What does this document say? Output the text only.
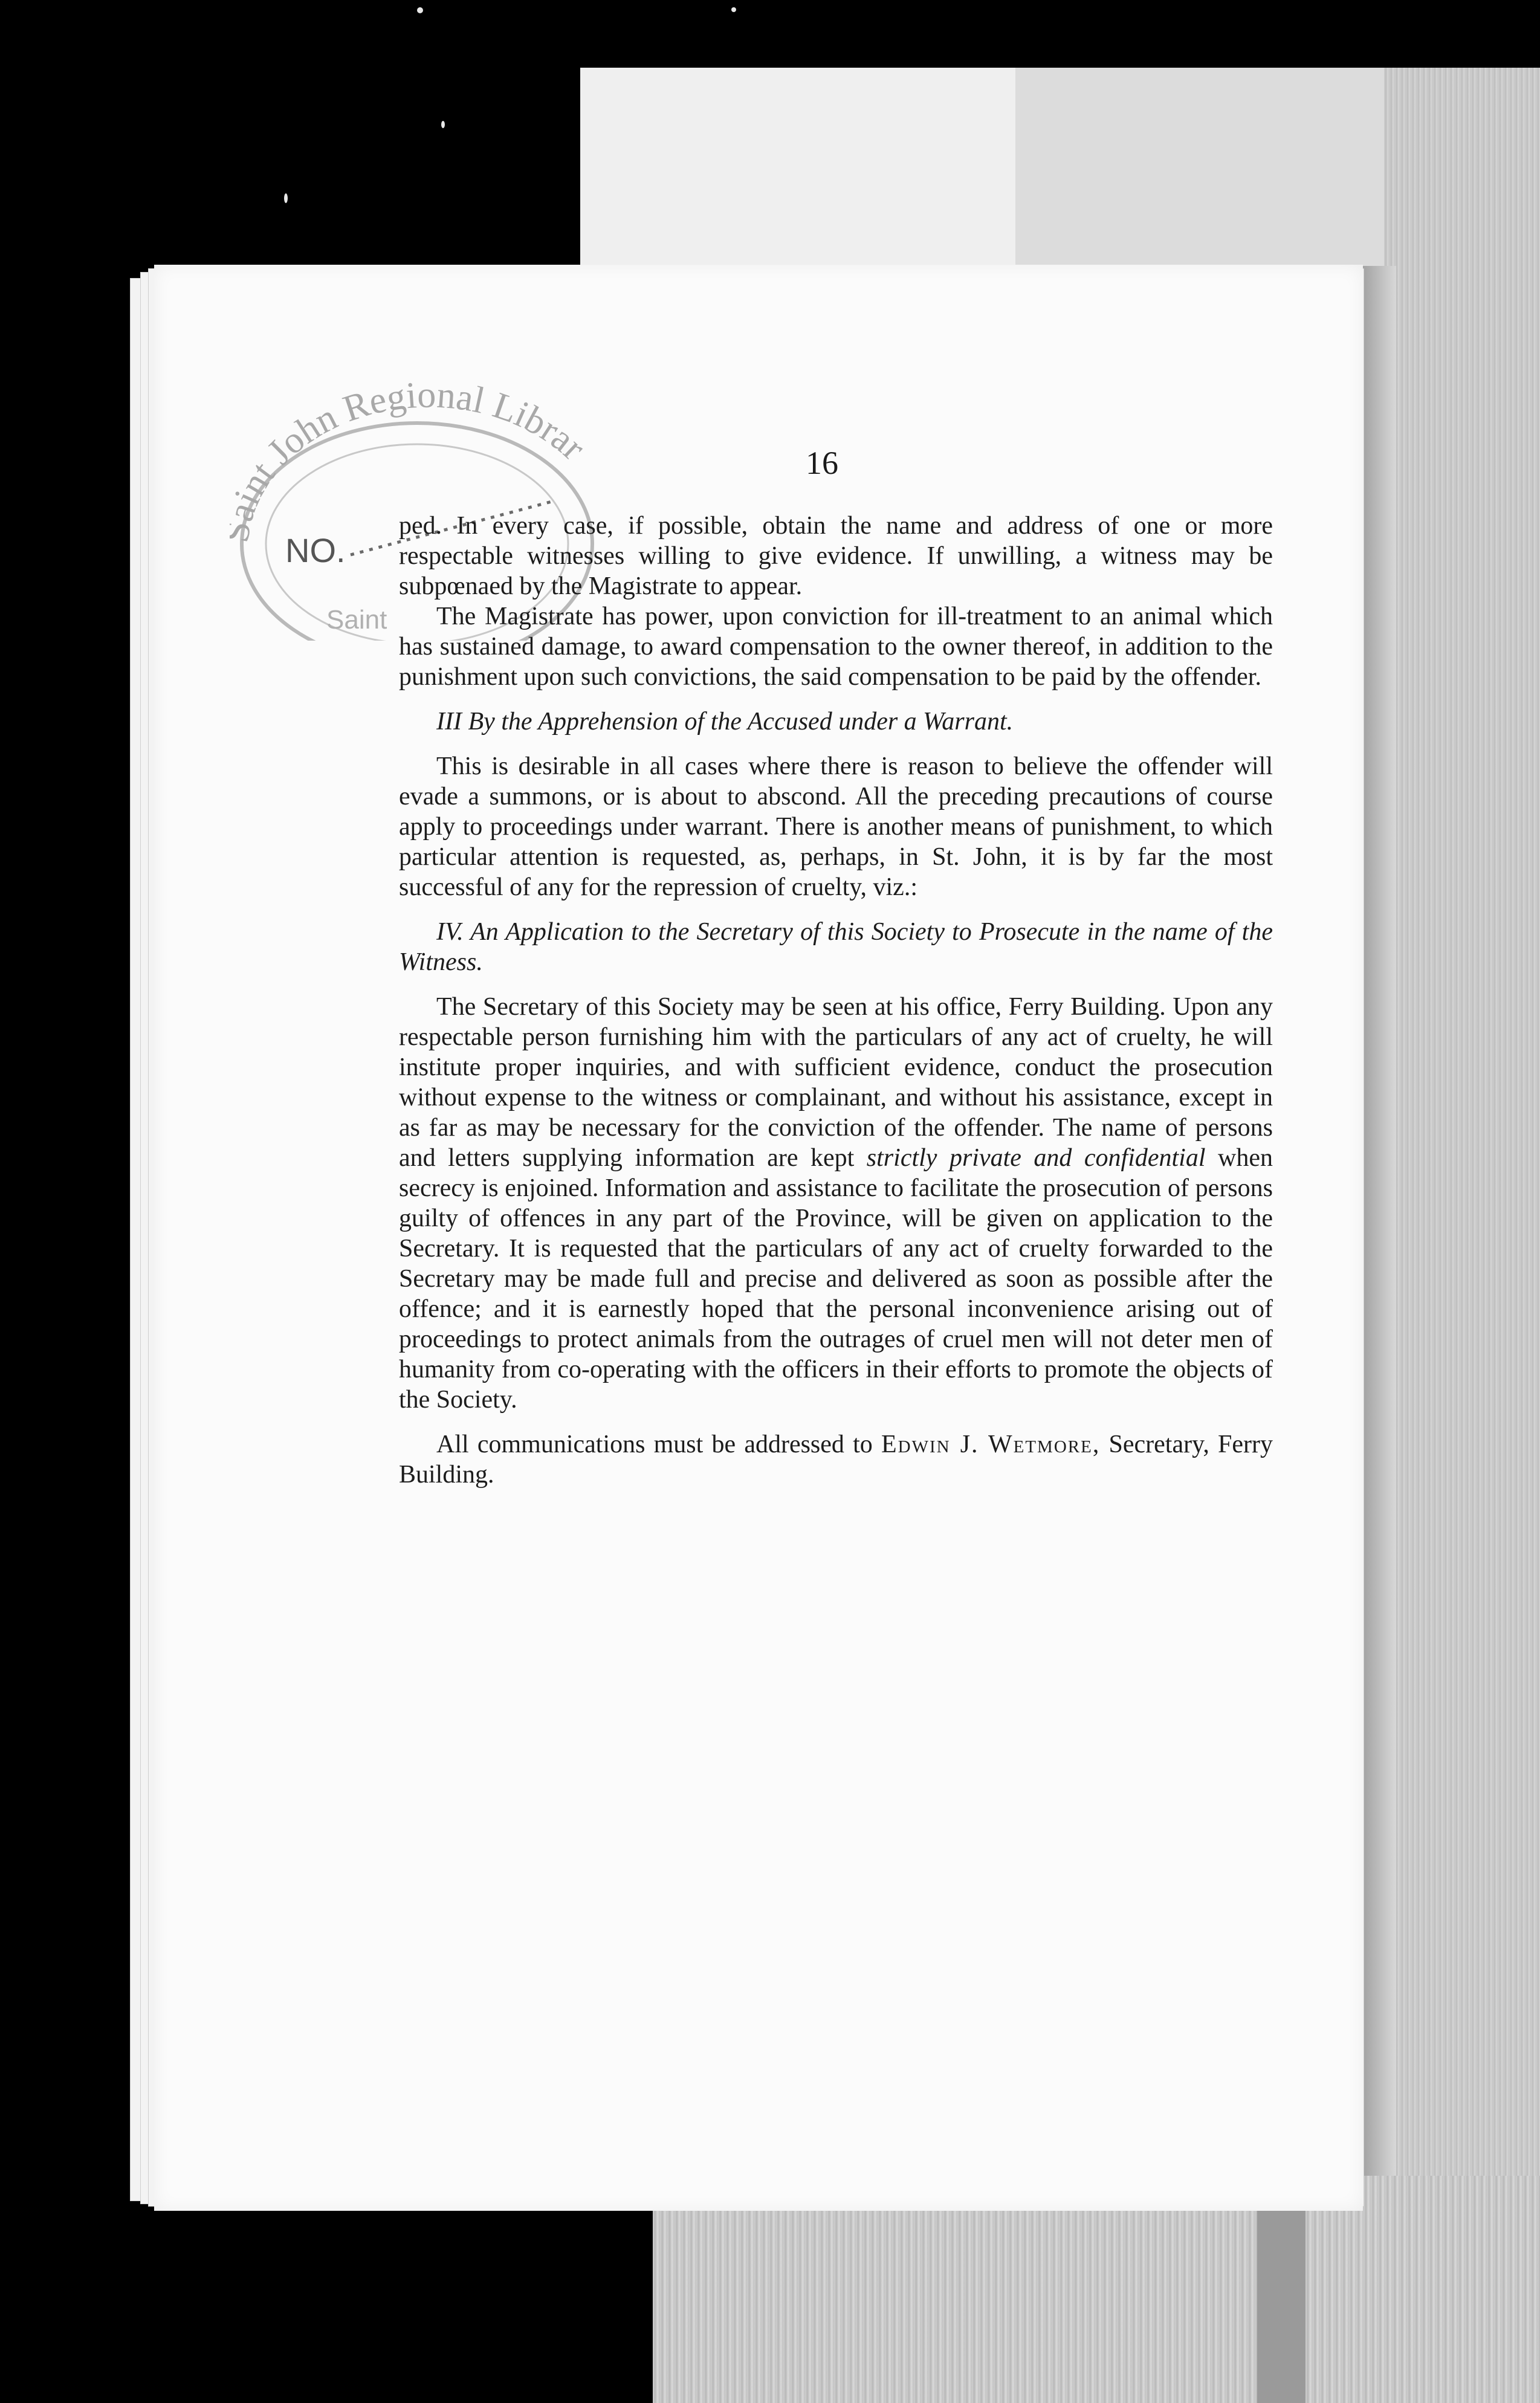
int John Regional Librar
NO.
Saint
16

ped. In every case, if possible, obtain the name and address of one or more respectable witnesses willing to give evidence. If unwilling, a witness may be subpœnaed by the Magistrate to appear.

The Magistrate has power, upon conviction for ill-treatment to an animal which has sustained damage, to award compensation to the owner thereof, in addition to the punishment upon such convictions, the said compensation to be paid by the offender.

III By the Apprehension of the Accused under a Warrant.

This is desirable in all cases where there is reason to believe the offender will evade a summons, or is about to abscond. All the preceding precautions of course apply to proceedings under warrant. There is another means of punishment, to which particular attention is requested, as, perhaps, in St. John, it is by far the most successful of any for the repression of cruelty, viz.:

IV. An Application to the Secretary of this Society to Prosecute in the name of the Witness.

The Secretary of this Society may be seen at his office, Ferry Building. Upon any respectable person furnishing him with the particulars of any act of cruelty, he will institute proper inquiries, and with sufficient evidence, conduct the prosecution without expense to the witness or complainant, and without his assistance, except in as far as may be necessary for the conviction of the offender. The name of persons and letters supplying information are kept strictly private and confidential when secrecy is enjoined. Information and assistance to facilitate the prosecution of persons guilty of offences in any part of the Province, will be given on application to the Secretary. It is requested that the particulars of any act of cruelty forwarded to the Secretary may be made full and precise and delivered as soon as possible after the offence; and it is earnestly hoped that the personal inconvenience arising out of proceedings to protect animals from the outrages of cruel men will not deter men of humanity from co-operating with the officers in their efforts to promote the objects of the Society.

All communications must be addressed to Edwin J. Wetmore, Secretary, Ferry Building.
